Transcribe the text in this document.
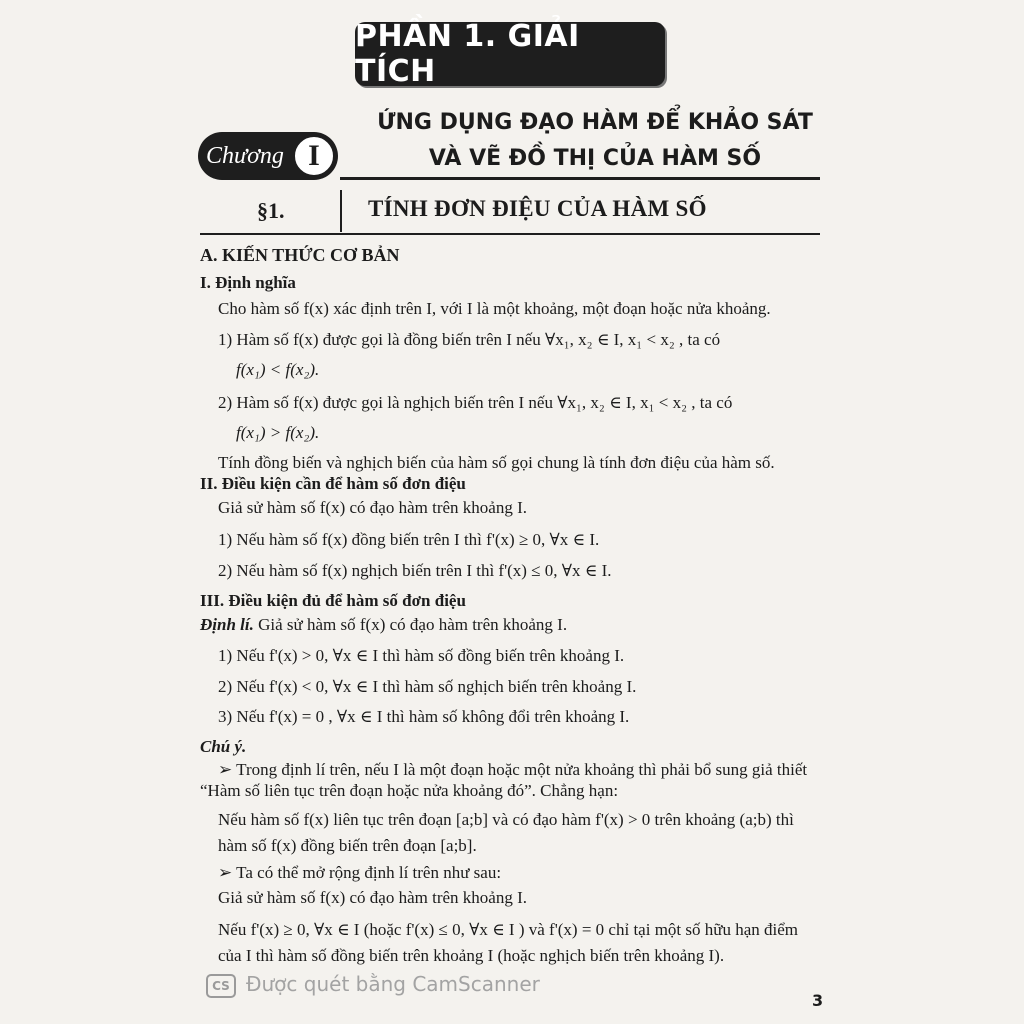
PHẦN 1. GIẢI TÍCH
Chương I
ỨNG DỤNG ĐẠO HÀM ĐỂ KHẢO SÁT
VÀ VẼ ĐỒ THỊ CỦA HÀM SỐ
§1.	TÍNH ĐƠN ĐIỆU CỦA HÀM SỐ
A. KIẾN THỨC CƠ BẢN
I. Định nghĩa
Cho hàm số f(x) xác định trên I, với I là một khoảng, một đoạn hoặc nửa khoảng.
1) Hàm số f(x) được gọi là đồng biến trên I nếu ∀x₁, x₂ ∈ I, x₁ < x₂ , ta có
f(x₁) < f(x₂).
2) Hàm số f(x) được gọi là nghịch biến trên I nếu ∀x₁, x₂ ∈ I, x₁ < x₂ , ta có
f(x₁) > f(x₂).
Tính đồng biến và nghịch biến của hàm số gọi chung là tính đơn điệu của hàm số.
II. Điều kiện cần để hàm số đơn điệu
Giả sử hàm số f(x) có đạo hàm trên khoảng I.
1) Nếu hàm số f(x) đồng biến trên I thì f'(x) ≥ 0, ∀x ∈ I.
2) Nếu hàm số f(x) nghịch biến trên I thì f'(x) ≤ 0, ∀x ∈ I.
III. Điều kiện đủ để hàm số đơn điệu
Định lí. Giả sử hàm số f(x) có đạo hàm trên khoảng I.
1) Nếu f'(x) > 0, ∀x ∈ I thì hàm số đồng biến trên khoảng I.
2) Nếu f'(x) < 0, ∀x ∈ I thì hàm số nghịch biến trên khoảng I.
3) Nếu f'(x) = 0 , ∀x ∈ I thì hàm số không đổi trên khoảng I.
Chú ý.
➢ Trong định lí trên, nếu I là một đoạn hoặc một nửa khoảng thì phải bổ sung giả thiết
“Hàm số liên tục trên đoạn hoặc nửa khoảng đó”. Chẳng hạn:
Nếu hàm số f(x) liên tục trên đoạn [a;b] và có đạo hàm f'(x) > 0 trên khoảng (a;b) thì
hàm số f(x) đồng biến trên đoạn [a;b].
➢ Ta có thể mở rộng định lí trên như sau:
Giả sử hàm số f(x) có đạo hàm trên khoảng I.
Nếu f'(x) ≥ 0, ∀x ∈ I (hoặc f'(x) ≤ 0, ∀x ∈ I ) và f'(x) = 0 chỉ tại một số hữu hạn điểm
của I thì hàm số đồng biến trên khoảng I (hoặc nghịch biến trên khoảng I).
CS Được quét bằng CamScanner
3
